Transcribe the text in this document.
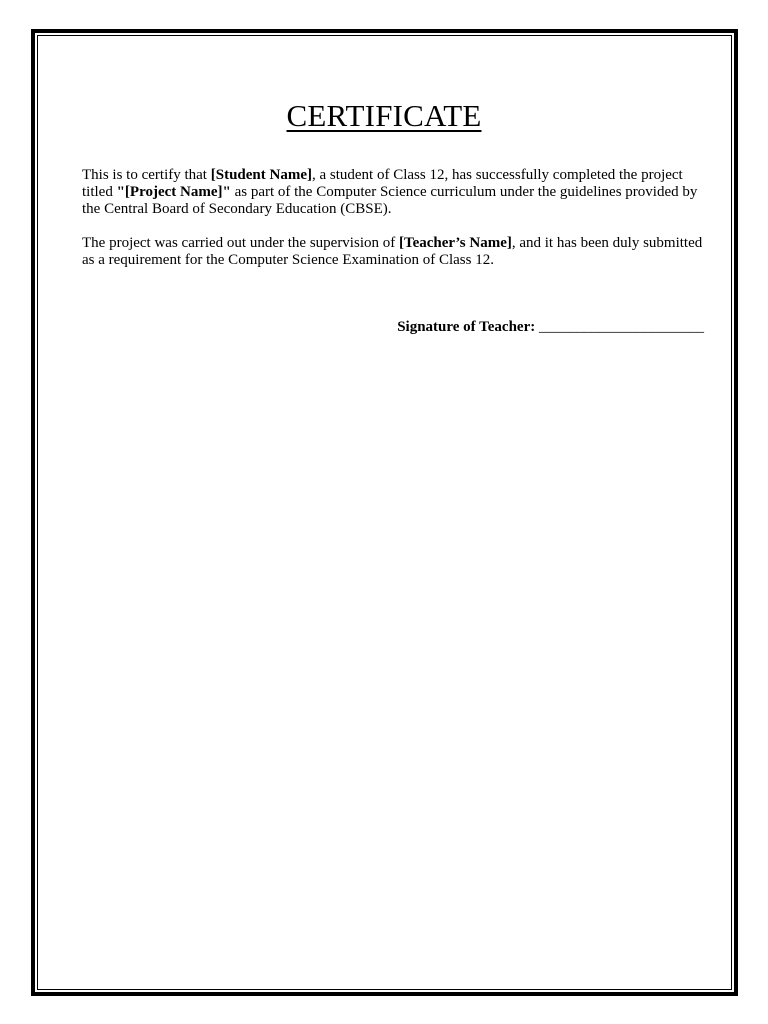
CERTIFICATE

This is to certify that [Student Name], a student of Class 12, has successfully completed the project titled "[Project Name]" as part of the Computer Science curriculum under the guidelines provided by the Central Board of Secondary Education (CBSE).

The project was carried out under the supervision of [Teacher’s Name], and it has been duly submitted as a requirement for the Computer Science Examination of Class 12.

Signature of Teacher: ______________________
